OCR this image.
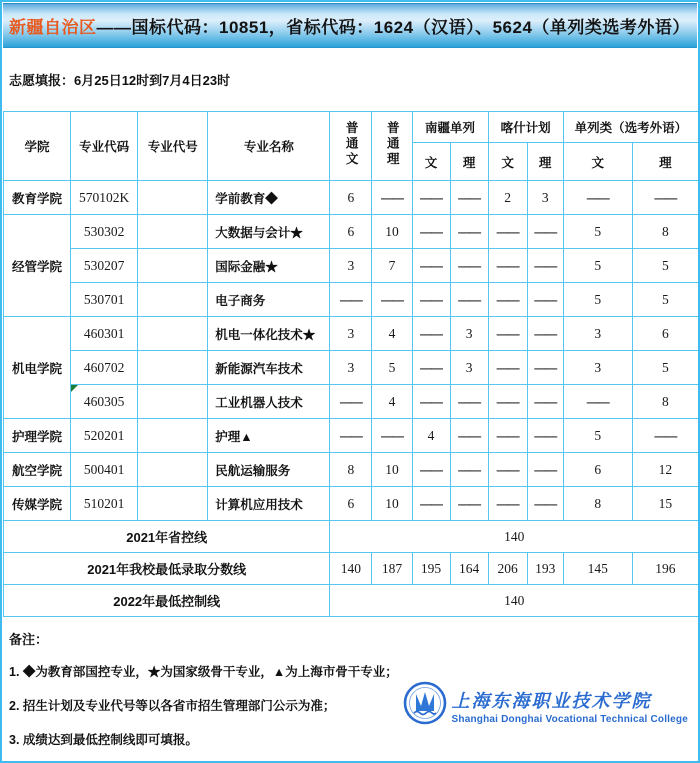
新疆自治区 ——国标代码：10851，省标代码：1624（汉语）、5624（单列类选考外语）
志愿填报：6月25日12时到7月4日23时
学院	专业代码	专业代号	专业名称	普通文	普通理	南疆单列		喀什计划		单列类（选考外语）	
						文	理	文	理	文	理
教育学院	570102K		学前教育◆	6	——	——	——	2	3	——	——
经管学院	530302		大数据与会计★	6	10	——	——	——	——	5	8
	530207		国际金融★	3	7	——	——	——	——	5	5
	530701		电子商务	——	——	——	——	——	——	5	5
机电学院	460301		机电一体化技术★	3	4	——	3	——	——	3	6
	460702		新能源汽车技术	3	5	——	3	——	——	3	5
	460305		工业机器人技术	——	4	——	——	——	——	——	8
护理学院	520201		护理▲	——	——	4	——	——	——	5	——
航空学院	500401		民航运输服务	8	10	——	——	——	——	6	12
传媒学院	510201		计算机应用技术	6	10	——	——	——	——	8	15
2021年省控线				140							
2021年我校最低录取分数线				140	187	195	164	206	193	145	196
2022年最低控制线				140							
备注：
1. ◆为教育部国控专业，★为国家级骨干专业，▲为上海市骨干专业；
2. 招生计划及专业代号等以各省市招生管理部门公示为准；
3. 成绩达到最低控制线即可填报。
上海东海职业技术学院
Shanghai Donghai Vocational Technical College
